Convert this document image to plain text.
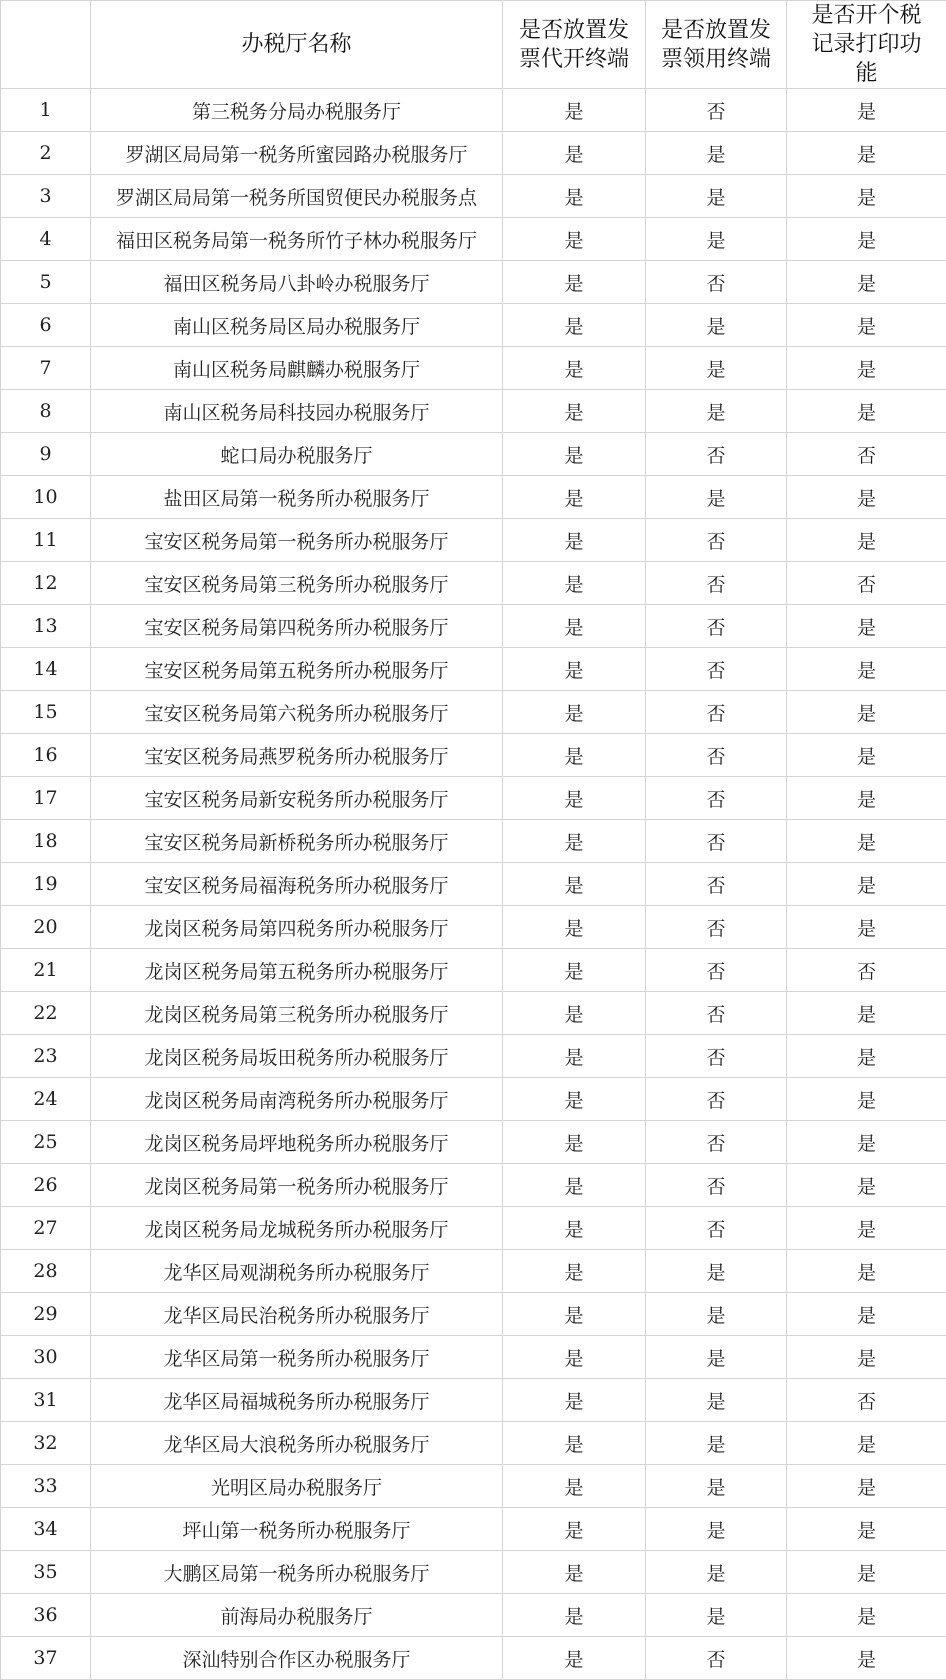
	办税厅名称	是否放置发票代开终端	是否放置发票领用终端	是否开个税记录打印功能
1	第三税务分局办税服务厅	是	否	是
2	罗湖区局局第一税务所蜜园路办税服务厅	是	是	是
3	罗湖区局局第一税务所国贸便民办税服务点	是	是	是
4	福田区税务局第一税务所竹子林办税服务厅	是	是	是
5	福田区税务局八卦岭办税服务厅	是	否	是
6	南山区税务局区局办税服务厅	是	是	是
7	南山区税务局麒麟办税服务厅	是	是	是
8	南山区税务局科技园办税服务厅	是	是	是
9	蛇口局办税服务厅	是	否	否
10	盐田区局第一税务所办税服务厅	是	是	是
11	宝安区税务局第一税务所办税服务厅	是	否	是
12	宝安区税务局第三税务所办税服务厅	是	否	否
13	宝安区税务局第四税务所办税服务厅	是	否	是
14	宝安区税务局第五税务所办税服务厅	是	否	是
15	宝安区税务局第六税务所办税服务厅	是	否	是
16	宝安区税务局燕罗税务所办税服务厅	是	否	是
17	宝安区税务局新安税务所办税服务厅	是	否	是
18	宝安区税务局新桥税务所办税服务厅	是	否	是
19	宝安区税务局福海税务所办税服务厅	是	否	是
20	龙岗区税务局第四税务所办税服务厅	是	否	是
21	龙岗区税务局第五税务所办税服务厅	是	否	否
22	龙岗区税务局第三税务所办税服务厅	是	否	是
23	龙岗区税务局坂田税务所办税服务厅	是	否	是
24	龙岗区税务局南湾税务所办税服务厅	是	否	是
25	龙岗区税务局坪地税务所办税服务厅	是	否	是
26	龙岗区税务局第一税务所办税服务厅	是	否	是
27	龙岗区税务局龙城税务所办税服务厅	是	否	是
28	龙华区局观湖税务所办税服务厅	是	是	是
29	龙华区局民治税务所办税服务厅	是	是	是
30	龙华区局第一税务所办税服务厅	是	是	是
31	龙华区局福城税务所办税服务厅	是	是	否
32	龙华区局大浪税务所办税服务厅	是	是	是
33	光明区局办税服务厅	是	是	是
34	坪山第一税务所办税服务厅	是	是	是
35	大鹏区局第一税务所办税服务厅	是	是	是
36	前海局办税服务厅	是	是	是
37	深汕特别合作区办税服务厅	是	否	是
